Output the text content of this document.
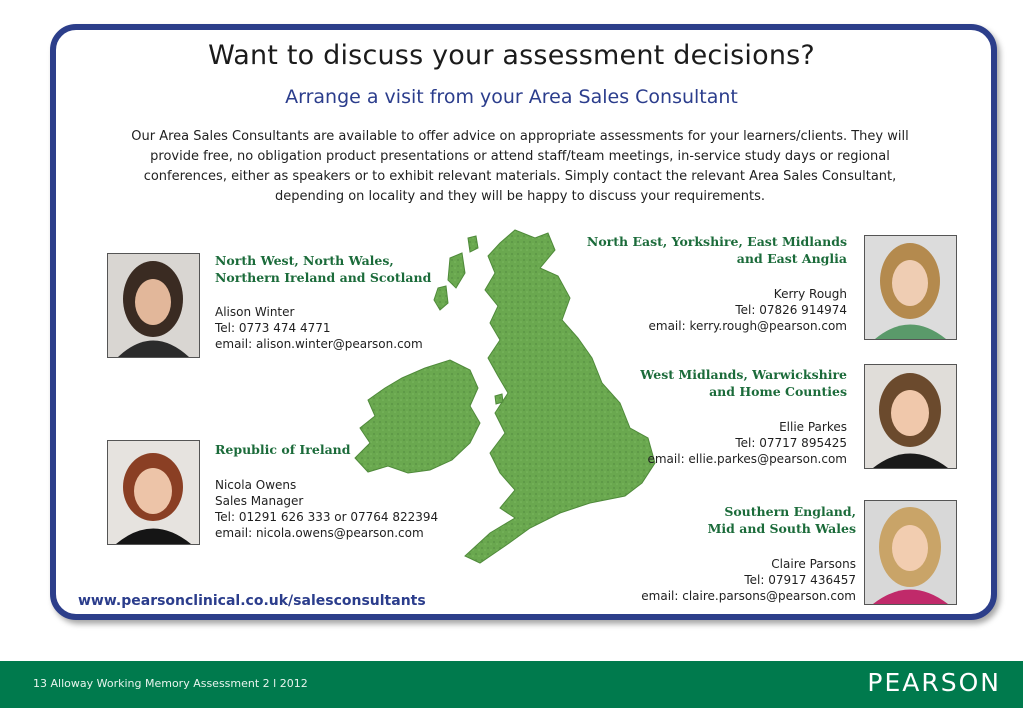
Want to discuss your assessment decisions?
Arrange a visit from your Area Sales Consultant
Our Area Sales Consultants are available to offer advice on appropriate assessments for your learners/clients. They will
provide free, no obligation product presentations or attend staff/team meetings, in-service study days or regional
conferences, either as speakers or to exhibit relevant materials. Simply contact the relevant Area Sales Consultant,
depending on locality and they will be happy to discuss your requirements.
North West, North Wales,
Northern Ireland and Scotland
Alison Winter
Tel: 0773 474 4771
email: alison.winter@pearson.com
Republic of Ireland
Nicola Owens
Sales Manager
Tel: 01291 626 333 or 07764 822394
email: nicola.owens@pearson.com
North East, Yorkshire, East Midlands
and East Anglia
Kerry Rough
Tel: 07826 914974
email: kerry.rough@pearson.com
West Midlands, Warwickshire
and Home Counties
Ellie Parkes
Tel: 07717 895425
email: ellie.parkes@pearson.com
Southern England,
Mid and South Wales
Claire Parsons
Tel: 07917 436457
email: claire.parsons@pearson.com
www.pearsonclinical.co.uk/salesconsultants
13 Alloway Working Memory Assessment 2 l 2012	PEARSON
